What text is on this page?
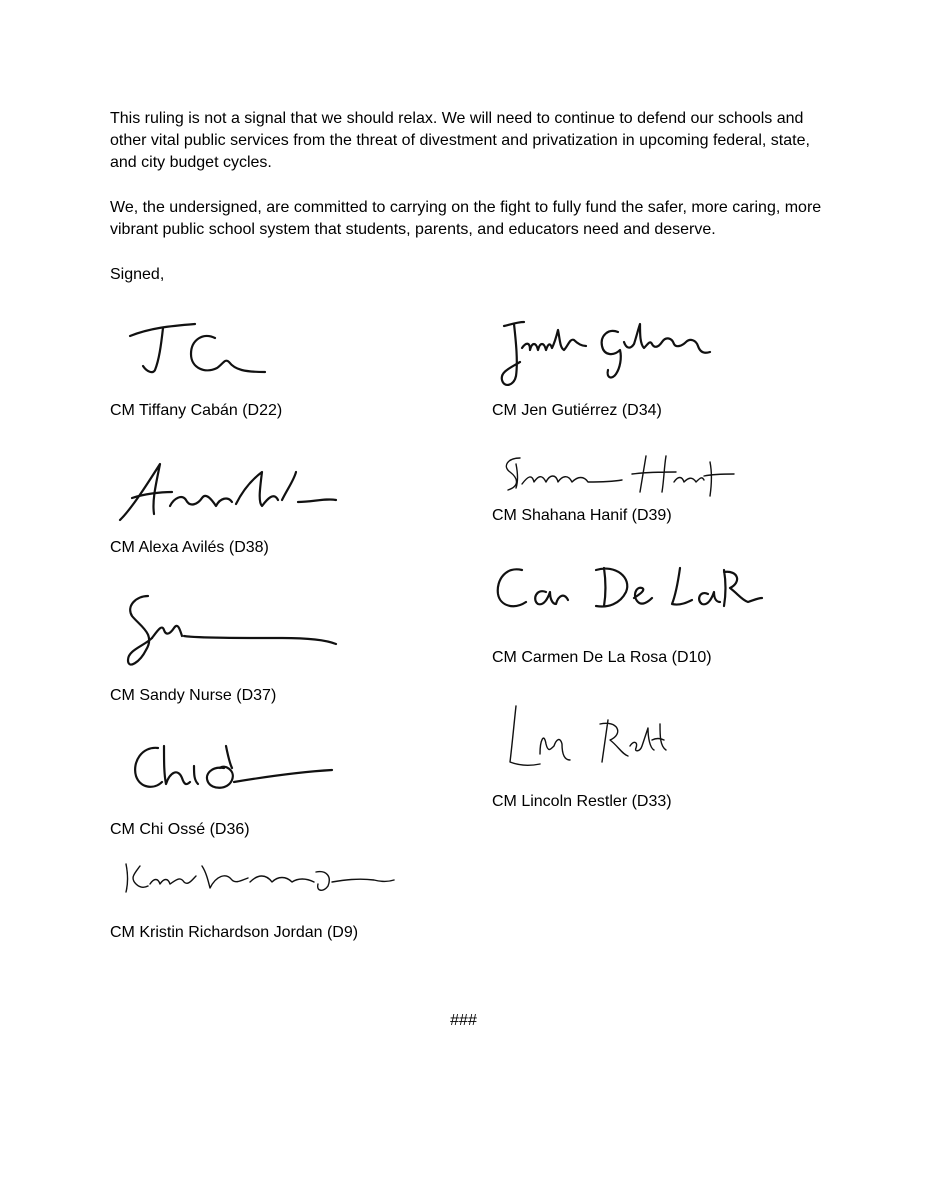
This ruling is not a signal that we should relax. We will need to continue to defend our schools and other vital public services from the threat of divestment and privatization in upcoming federal, state, and city budget cycles.

We, the undersigned, are committed to carrying on the fight to fully fund the safer, more caring, more vibrant public school system that students, parents, and educators need and deserve.

Signed,

CM Tiffany Cabán (D22)
CM Alexa Avilés (D38)
CM Sandy Nurse (D37)
CM Chi Ossé (D36)
CM Kristin Richardson Jordan (D9)
CM Jen Gutiérrez (D34)
CM Shahana Hanif (D39)
CM Carmen De La Rosa (D10)
CM Lincoln Restler (D33)
###
